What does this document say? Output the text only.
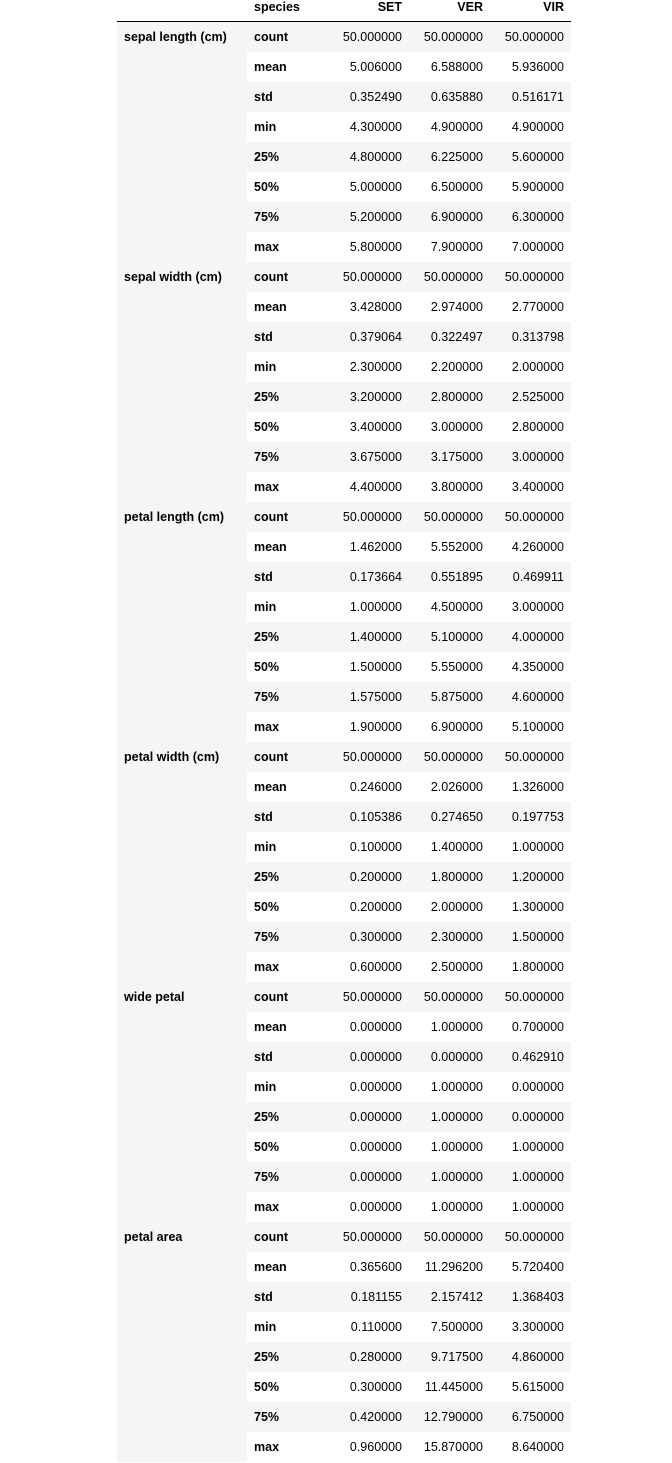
	species	SET	VER	VIR
sepal length (cm)	count	50.000000	50.000000	50.000000
	mean	5.006000	6.588000	5.936000
	std	0.352490	0.635880	0.516171
	min	4.300000	4.900000	4.900000
	25%	4.800000	6.225000	5.600000
	50%	5.000000	6.500000	5.900000
	75%	5.200000	6.900000	6.300000
	max	5.800000	7.900000	7.000000
sepal width (cm)	count	50.000000	50.000000	50.000000
	mean	3.428000	2.974000	2.770000
	std	0.379064	0.322497	0.313798
	min	2.300000	2.200000	2.000000
	25%	3.200000	2.800000	2.525000
	50%	3.400000	3.000000	2.800000
	75%	3.675000	3.175000	3.000000
	max	4.400000	3.800000	3.400000
petal length (cm)	count	50.000000	50.000000	50.000000
	mean	1.462000	5.552000	4.260000
	std	0.173664	0.551895	0.469911
	min	1.000000	4.500000	3.000000
	25%	1.400000	5.100000	4.000000
	50%	1.500000	5.550000	4.350000
	75%	1.575000	5.875000	4.600000
	max	1.900000	6.900000	5.100000
petal width (cm)	count	50.000000	50.000000	50.000000
	mean	0.246000	2.026000	1.326000
	std	0.105386	0.274650	0.197753
	min	0.100000	1.400000	1.000000
	25%	0.200000	1.800000	1.200000
	50%	0.200000	2.000000	1.300000
	75%	0.300000	2.300000	1.500000
	max	0.600000	2.500000	1.800000
wide petal	count	50.000000	50.000000	50.000000
	mean	0.000000	1.000000	0.700000
	std	0.000000	0.000000	0.462910
	min	0.000000	1.000000	0.000000
	25%	0.000000	1.000000	0.000000
	50%	0.000000	1.000000	1.000000
	75%	0.000000	1.000000	1.000000
	max	0.000000	1.000000	1.000000
petal area	count	50.000000	50.000000	50.000000
	mean	0.365600	11.296200	5.720400
	std	0.181155	2.157412	1.368403
	min	0.110000	7.500000	3.300000
	25%	0.280000	9.717500	4.860000
	50%	0.300000	11.445000	5.615000
	75%	0.420000	12.790000	6.750000
	max	0.960000	15.870000	8.640000
